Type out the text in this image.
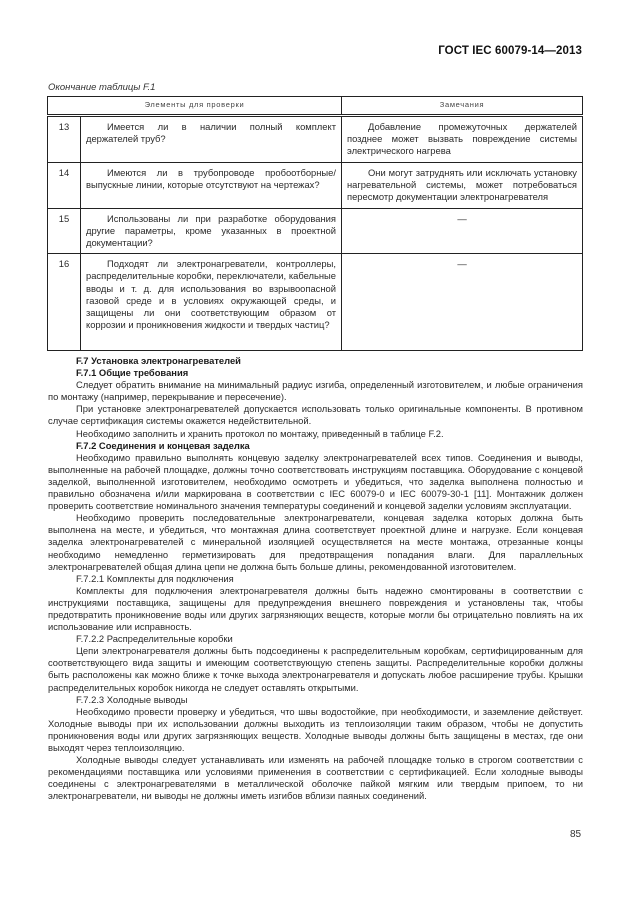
ГОСТ IEC 60079-14—2013
Окончание таблицы F.1
Элементы для проверки		Замечания
13	Имеется ли в наличии полный комплект держателей труб?	Добавление промежуточных держателей позднее может вызвать повреждение системы электрического нагрева
14	Имеются ли в трубопроводе пробоотборные/выпускные линии, которые отсутствуют на чертежах?	Они могут затруднять или исключать установку нагревательной системы, может потребоваться пересмотр документации электронагревателя
15	Использованы ли при разработке оборудования другие параметры, кроме указанных в проектной документации?	—
16	Подходят ли электронагреватели, контроллеры, распределительные коробки, переключатели, кабельные вводы и т. д. для использования во взрывоопасной газовой среде и в условиях окружающей среды, и защищены ли они соответствующим образом от коррозии и проникновения жидкости и твердых частиц?	—

F.7 Установка электронагревателей

F.7.1 Общие требования

Следует обратить внимание на минимальный радиус изгиба, определенный изготовителем, и любые ограничения по монтажу (например, перекрывание и пересечение).

При установке электронагревателей допускается использовать только оригинальные компоненты. В противном случае сертификация системы окажется недействительной.

Необходимо заполнить и хранить протокол по монтажу, приведенный в таблице F.2.

F.7.2 Соединения и концевая заделка

Необходимо правильно выполнять концевую заделку электронагревателей всех типов. Соединения и выводы, выполненные на рабочей площадке, должны точно соответствовать инструкциям поставщика. Оборудование с концевой заделкой, выполненной изготовителем, необходимо осмотреть и убедиться, что заделка выполнена полностью и правильно обозначена и/или маркирована в соответствии с IEC 60079-0 и IEC 60079-30-1 [11]. Монтажник должен проверить соответствие номинального значения температуры соединений и концевой заделки условиям эксплуатации.

Необходимо проверить последовательные электронагреватели, концевая заделка которых должна быть выполнена на месте, и убедиться, что монтажная длина соответствует проектной длине и нагрузке. Если концевая заделка электронагревателей с минеральной изоляцией осуществляется на месте монтажа, отрезанные концы необходимо немедленно герметизировать для предотвращения попадания влаги. Для параллельных электронагревателей общая длина цепи не должна быть больше длины, рекомендованной изготовителем.

F.7.2.1 Комплекты для подключения

Комплекты для подключения электронагревателя должны быть надежно смонтированы в соответствии с инструкциями поставщика, защищены для предупреждения внешнего повреждения и установлены так, чтобы предотвратить проникновение воды или других загрязняющих веществ, которые могли бы отрицательно повлиять на их использование или исправность.

F.7.2.2 Распределительные коробки

Цепи электронагревателя должны быть подсоединены к распределительным коробкам, сертифицированным для соответствующего вида защиты и имеющим соответствующую степень защиты. Распределительные коробки должны быть расположены как можно ближе к точке выхода электронагревателя и допускать любое расширение трубы. Крышки распределительных коробок никогда не следует оставлять открытыми.

F.7.2.3 Холодные выводы

Необходимо провести проверку и убедиться, что швы водостойкие, при необходимости, и заземление действует. Холодные выводы при их использовании должны выходить из теплоизоляции таким образом, чтобы не допустить проникновения воды или других загрязняющих веществ. Холодные выводы должны быть защищены в местах, где они выходят через теплоизоляцию.

Холодные выводы следует устанавливать или изменять на рабочей площадке только в строгом соответствии с рекомендациями поставщика или условиями применения в соответствии с сертификацией. Если холодные выводы соединены с электронагревателями в металлической оболочке пайкой мягким или твердым припоем, то ни электронагреватели, ни выводы не должны иметь изгибов вблизи паяных соединений.

85
